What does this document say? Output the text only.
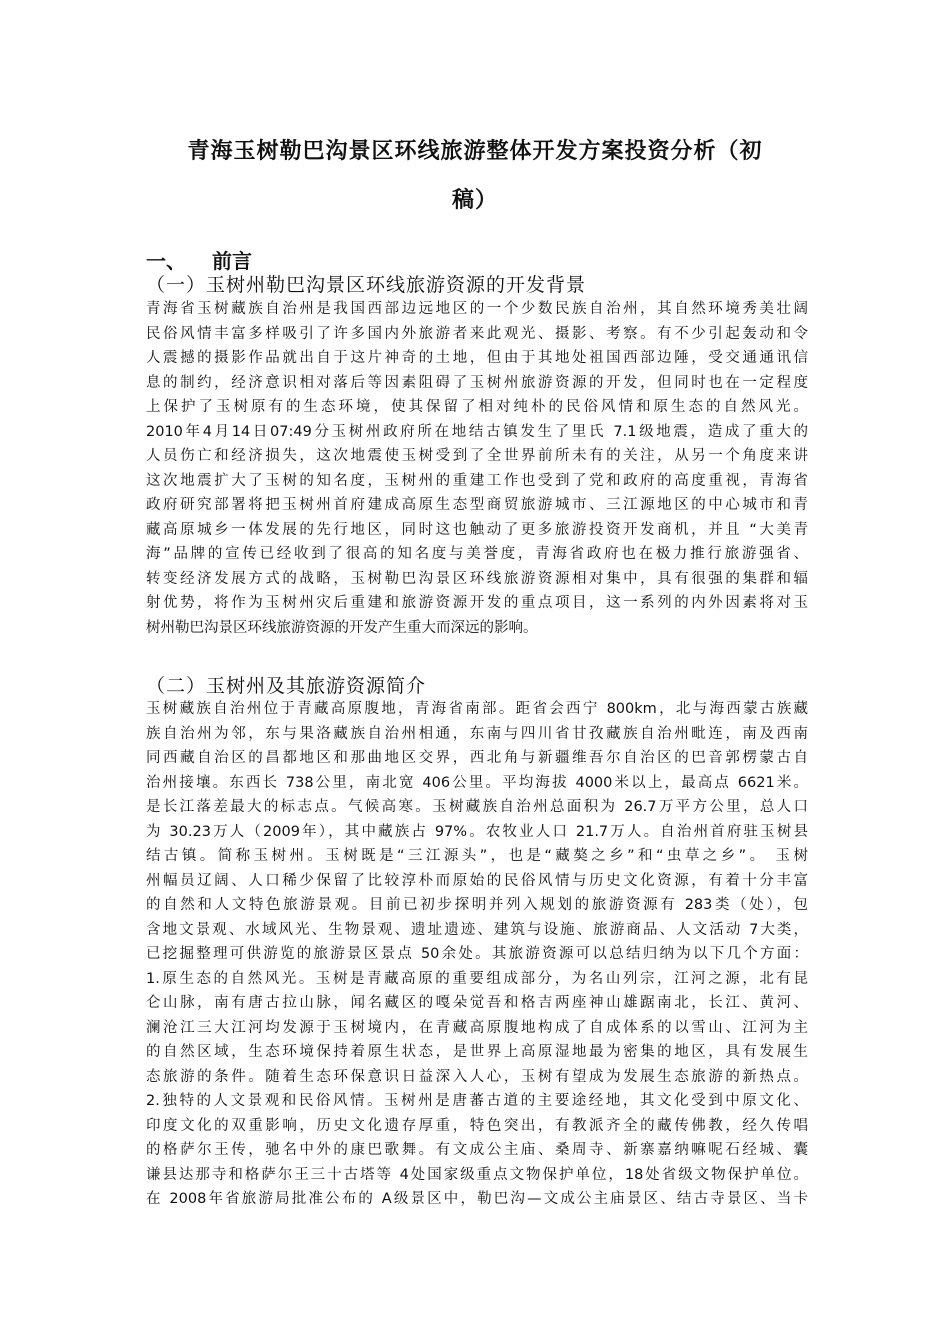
青海玉树勒巴沟景区环线旅游整体开发方案投资分析（初
稿）
一、 前言
（一）玉树州勒巴沟景区环线旅游资源的开发背景
青海省玉树藏族自治州是我国西部边远地区的一个少数民族自治州，其自然环境秀美壮阔
民俗风情丰富多样吸引了许多国内外旅游者来此观光、摄影、考察。有不少引起轰动和令
人震撼的摄影作品就出自于这片神奇的土地，但由于其地处祖国西部边陲，受交通通讯信
息的制约，经济意识相对落后等因素阻碍了玉树州旅游资源的开发，但同时也在一定程度
上保护了玉树原有的生态环境，使其保留了相对纯朴的民俗风情和原生态的自然风光。
2010年4月14日07:49分玉树州政府所在地结古镇发生了里氏 7.1级地震，造成了重大的
人员伤亡和经济损失，这次地震使玉树受到了全世界前所未有的关注，从另一个角度来讲
这次地震扩大了玉树的知名度，玉树州的重建工作也受到了党和政府的高度重视，青海省
政府研究部署将把玉树州首府建成高原生态型商贸旅游城市、三江源地区的中心城市和青
藏高原城乡一体发展的先行地区，同时这也触动了更多旅游投资开发商机，并且 “大美青
海”品牌的宣传已经收到了很高的知名度与美誉度，青海省政府也在极力推行旅游强省、
转变经济发展方式的战略，玉树勒巴沟景区环线旅游资源相对集中，具有很强的集群和辐
射优势，将作为玉树州灾后重建和旅游资源开发的重点项目，这一系列的内外因素将对玉
树州勒巴沟景区环线旅游资源的开发产生重大而深远的影响。
（二）玉树州及其旅游资源简介
玉树藏族自治州位于青藏高原腹地，青海省南部。距省会西宁 800km，北与海西蒙古族藏
族自治州为邻，东与果洛藏族自治州相通，东南与四川省甘孜藏族自治州毗连，南及西南
同西藏自治区的昌都地区和那曲地区交界，西北角与新疆维吾尔自治区的巴音郭楞蒙古自
治州接壤。东西长 738公里，南北宽 406公里。平均海拔 4000米以上，最高点 6621米。
是长江落差最大的标志点。气候高寒。玉树藏族自治州总面积为 26.7万平方公里，总人口
为 30.23万人（2009年），其中藏族占 97%。农牧业人口 21.7万人。自治州首府驻玉树县
结古镇。简称玉树州。玉树既是“三江源头”，也是“藏獒之乡”和“虫草之乡”。 玉树
州幅员辽阔、人口稀少保留了比较淳朴而原始的民俗风情与历史文化资源，有着十分丰富
的自然和人文特色旅游景观。目前已初步探明并列入规划的旅游资源有 283类（处），包
含地文景观、水域风光、生物景观、遗址遗迹、建筑与设施、旅游商品、人文活动 7大类，
已挖掘整理可供游览的旅游景区景点 50余处。其旅游资源可以总结归纳为以下几个方面：
1.原生态的自然风光。玉树是青藏高原的重要组成部分，为名山列宗，江河之源，北有昆
仑山脉，南有唐古拉山脉，闻名藏区的嘎朵觉吾和格吉两座神山雄踞南北，长江、黄河、
澜沧江三大江河均发源于玉树境内，在青藏高原腹地构成了自成体系的以雪山、江河为主
的自然区域，生态环境保持着原生状态，是世界上高原湿地最为密集的地区，具有发展生
态旅游的条件。随着生态环保意识日益深入人心，玉树有望成为发展生态旅游的新热点。
2.独特的人文景观和民俗风情。玉树州是唐蕃古道的主要途经地，其文化受到中原文化、
印度文化的双重影响，历史文化遗存厚重，特色突出，有教派齐全的藏传佛教，经久传唱
的格萨尔王传，驰名中外的康巴歌舞。有文成公主庙、桑周寺、新寨嘉纳嘛呢石经城、囊
谦县达那寺和格萨尔王三十古塔等 4处国家级重点文物保护单位，18处省级文物保护单位。
在 2008年省旅游局批准公布的 A级景区中，勒巴沟—文成公主庙景区、结古寺景区、当卡
